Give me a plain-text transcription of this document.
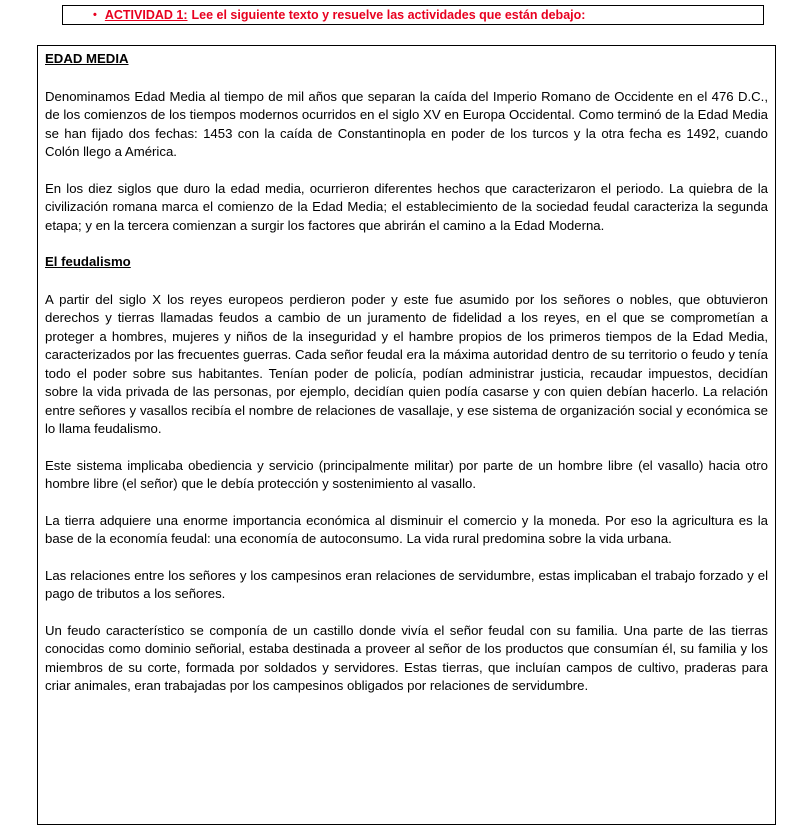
• ACTIVIDAD 1: Lee el siguiente texto y resuelve las actividades que están debajo:
EDAD MEDIA

Denominamos Edad Media al tiempo de mil años que separan la caída del Imperio Romano de Occidente en el 476 D.C., de los comienzos de los tiempos modernos ocurridos en el siglo XV en Europa Occidental. Como terminó de la Edad Media se han fijado dos fechas: 1453 con la caída de Constantinopla en poder de los turcos y la otra fecha es 1492, cuando Colón llego a América.

En los diez siglos que duro la edad media, ocurrieron diferentes hechos que caracterizaron el periodo. La quiebra de la civilización romana marca el comienzo de la Edad Media; el establecimiento de la sociedad feudal caracteriza la segunda etapa; y en la tercera comienzan a surgir los factores que abrirán el camino a la Edad Moderna.

El feudalismo

A partir del siglo X los reyes europeos perdieron poder y este fue asumido por los señores o nobles, que obtuvieron derechos y tierras llamadas feudos a cambio de un juramento de fidelidad a los reyes, en el que se comprometían a proteger a hombres, mujeres y niños de la inseguridad y el hambre propios de los primeros tiempos de la Edad Media, caracterizados por las frecuentes guerras. Cada señor feudal era la máxima autoridad dentro de su territorio o feudo y tenía todo el poder sobre sus habitantes. Tenían poder de policía, podían administrar justicia, recaudar impuestos, decidían sobre la vida privada de las personas, por ejemplo, decidían quien podía casarse y con quien debían hacerlo. La relación entre señores y vasallos recibía el nombre de relaciones de vasallaje, y ese sistema de organización social y económica se lo llama feudalismo.

Este sistema implicaba obediencia y servicio (principalmente militar) por parte de un hombre libre (el vasallo) hacia otro hombre libre (el señor) que le debía protección y sostenimiento al vasallo.

La tierra adquiere una enorme importancia económica al disminuir el comercio y la moneda. Por eso la agricultura es la base de la economía feudal: una economía de autoconsumo. La vida rural predomina sobre la vida urbana.

Las relaciones entre los señores y los campesinos eran relaciones de servidumbre, estas implicaban el trabajo forzado y el pago de tributos a los señores.

Un feudo característico se componía de un castillo donde vivía el señor feudal con su familia. Una parte de las tierras conocidas como dominio señorial, estaba destinada a proveer al señor de los productos que consumían él, su familia y los miembros de su corte, formada por soldados y servidores. Estas tierras, que incluían campos de cultivo, praderas para criar animales, eran trabajadas por los campesinos obligados por relaciones de servidumbre.
